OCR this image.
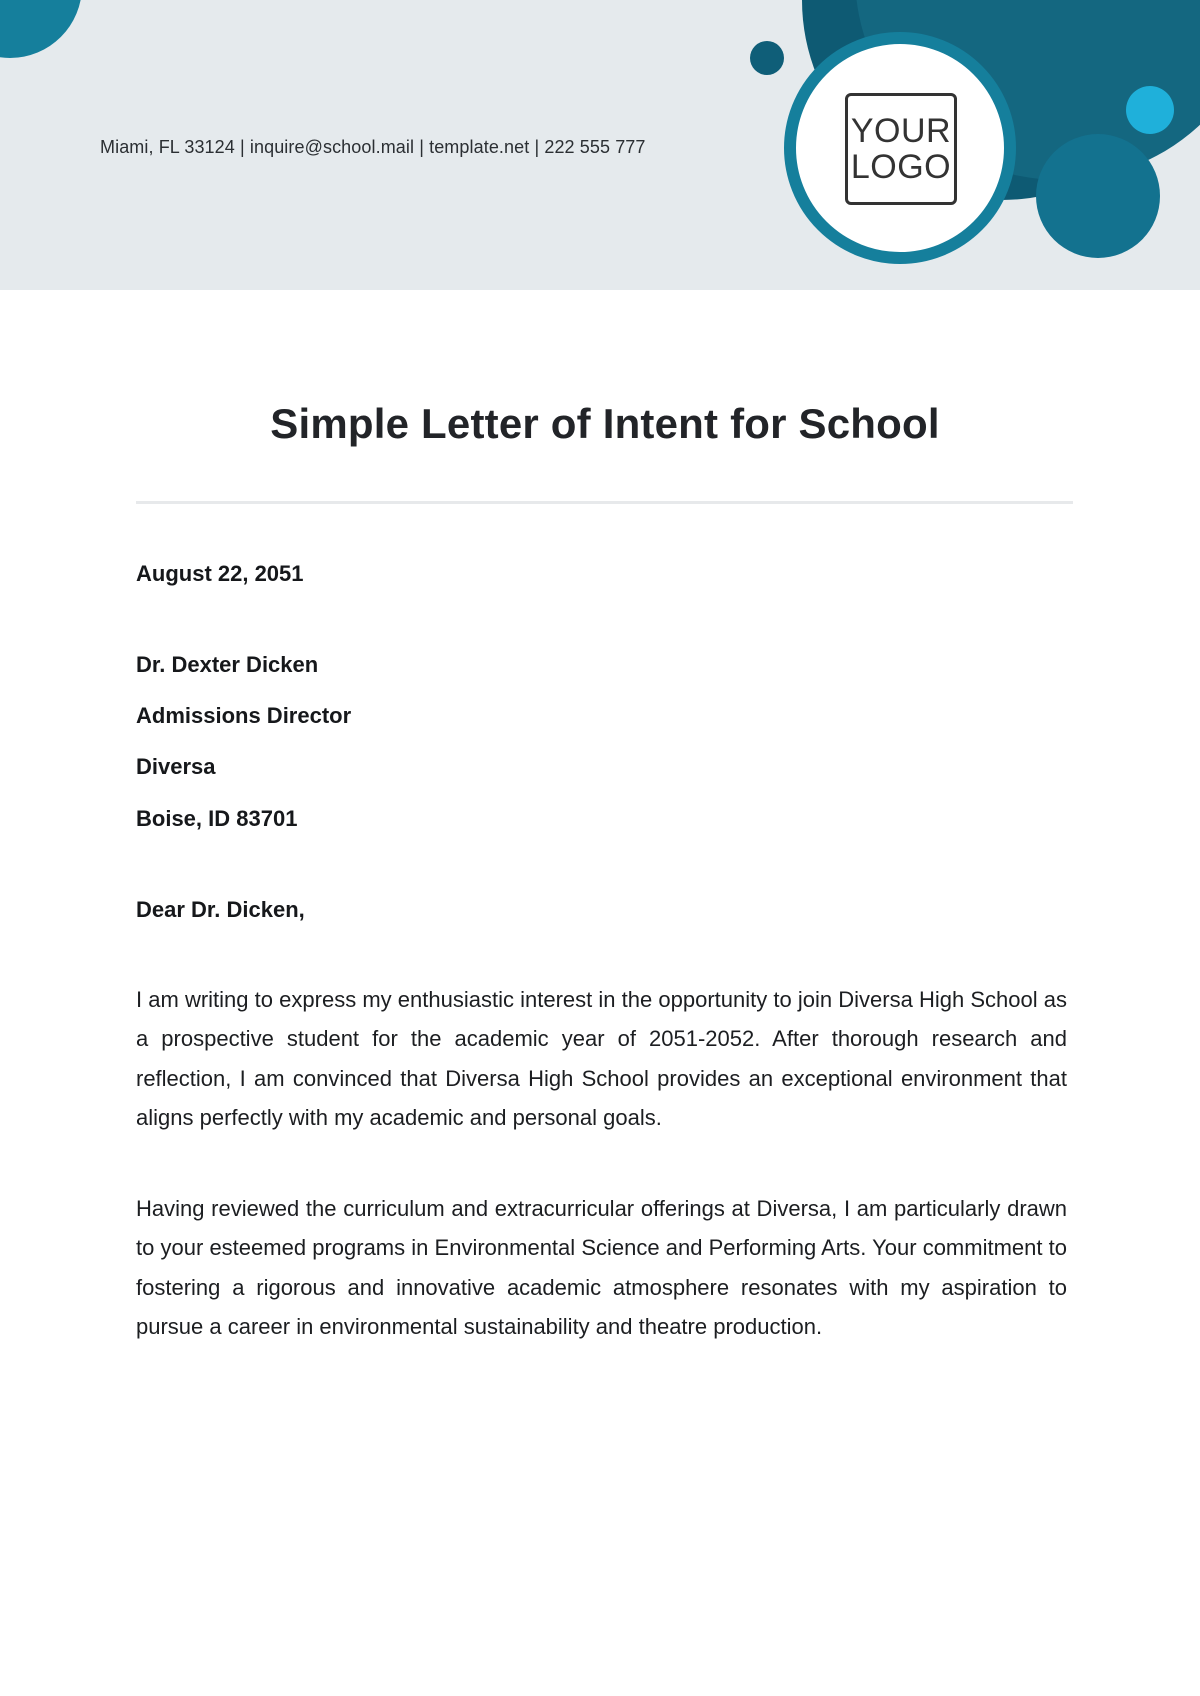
Miami, FL 33124 | inquire@school.mail | template.net | 222 555 777	YOUR
LOGO
Simple Letter of Intent for School
August 22, 2051
Dr. Dexter Dicken
Admissions Director
Diversa
Boise, ID 83701
Dear Dr. Dicken,

I am writing to express my enthusiastic interest in the opportunity to join Diversa High School as a prospective student for the academic year of 2051-2052. After thorough research and reflection, I am convinced that Diversa High School provides an exceptional environment that aligns perfectly with my academic and personal goals.

Having reviewed the curriculum and extracurricular offerings at Diversa, I am particularly drawn to your esteemed programs in Environmental Science and Performing Arts. Your commitment to fostering a rigorous and innovative academic atmosphere resonates with my aspiration to pursue a career in environmental sustainability and theatre production.
